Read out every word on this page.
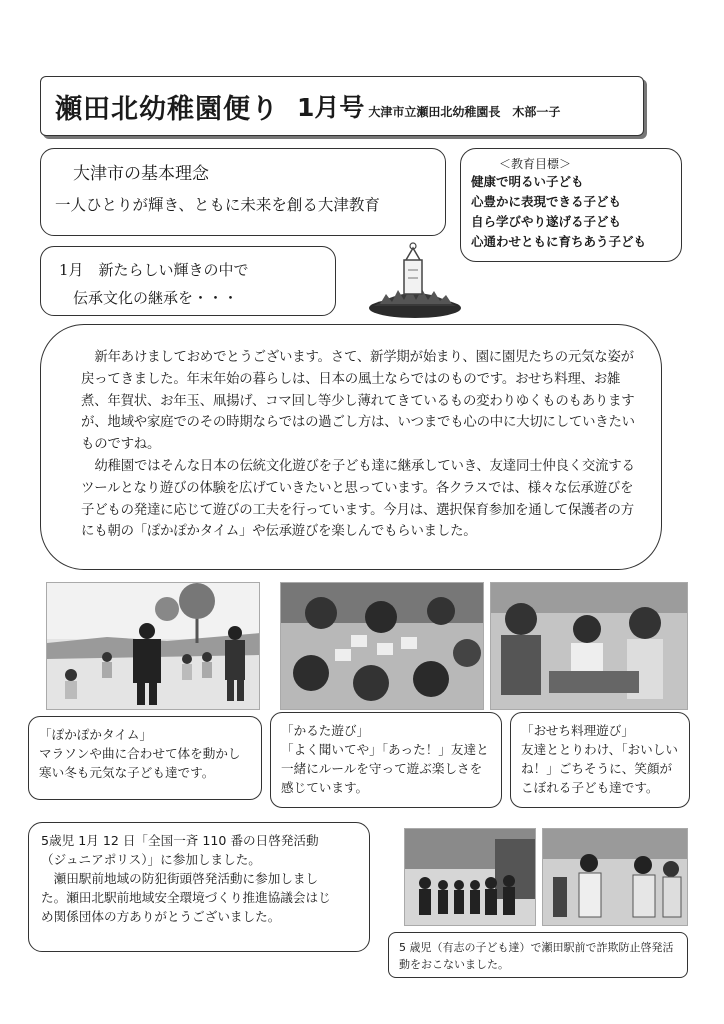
瀬田北幼稚園便り 1月号 大津市立瀬田北幼稚園長　木部一子
大津市の基本理念
一人ひとりが輝き、ともに未来を創る大津教育
＜教育目標＞
健康で明るい子ども
心豊かに表現できる子ども
自ら学びやり遂げる子ども
心通わせともに育ちあう子ども
1月　新たらしい輝きの中で
伝承文化の継承を・・・

新年あけましておめでとうございます。さて、新学期が始まり、園に園児たちの元気な姿が戻ってきました。年末年始の暮らしは、日本の風土ならではのものです。おせち料理、お雑煮、年賀状、お年玉、凧揚げ、コマ回し等少し薄れてきているもの変わりゆくものもありますが、地域や家庭でのその時期ならではの過ごし方は、いつまでも心の中に大切にしていきたいものですね。

幼稚園ではそんな日本の伝統文化遊びを子ども達に継承していき、友達同士仲良く交流するツールとなり遊びの体験を広げていきたいと思っています。各クラスでは、様々な伝承遊びを子どもの発達に応じて遊びの工夫を行っています。今月は、選択保育参加を通して保護者の方にも朝の「ぽかぽかタイム」や伝承遊びを楽しんでもらいました。

「ぽかぽかタイム」
マラソンや曲に合わせて体を動かし寒い冬も元気な子ども達です。
「かるた遊び」
「よく聞いてや」「あった！」友達と一緒にルールを守って遊ぶ楽しさを感じています。
「おせち料理遊び」
友達ととりわけ、「おいしいね！」ごちそうに、笑顔がこぼれる子ども達です。
5歳児 1月 12 日「全国一斉 110 番の日啓発活動
（ジュニアポリス）」に参加しました。
瀬田駅前地域の防犯街頭啓発活動に参加しまし
た。瀬田北駅前地域安全環境づくり推進協議会はじ
め関係団体の方ありがとうございました。
5 歳児（有志の子ども達）で瀬田駅前で詐欺防止啓発活動をおこないました。
